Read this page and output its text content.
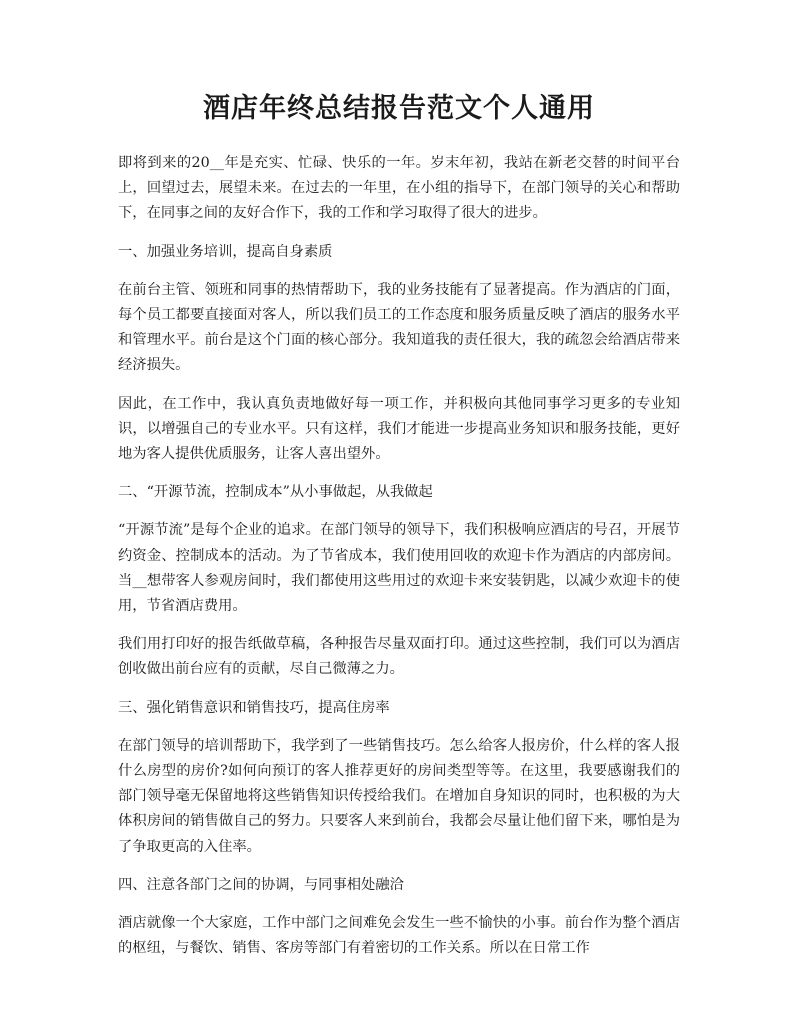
酒店年终总结报告范文个人通用

即将到来的20__年是充实、忙碌、快乐的一年。岁末年初，我站在新老交替的时间平台上，回望过去，展望未来。在过去的一年里，在小组的指导下，在部门领导的关心和帮助下，在同事之间的友好合作下，我的工作和学习取得了很大的进步。

一、加强业务培训，提高自身素质

在前台主管、领班和同事的热情帮助下，我的业务技能有了显著提高。作为酒店的门面，每个员工都要直接面对客人，所以我们员工的工作态度和服务质量反映了酒店的服务水平和管理水平。前台是这个门面的核心部分。我知道我的责任很大，我的疏忽会给酒店带来经济损失。

因此，在工作中，我认真负责地做好每一项工作，并积极向其他同事学习更多的专业知识，以增强自己的专业水平。只有这样，我们才能进一步提高业务知识和服务技能，更好地为客人提供优质服务，让客人喜出望外。

二、“开源节流，控制成本”从小事做起，从我做起

“开源节流”是每个企业的追求。在部门领导的领导下，我们积极响应酒店的号召，开展节约资金、控制成本的活动。为了节省成本，我们使用回收的欢迎卡作为酒店的内部房间。当__想带客人参观房间时，我们都使用这些用过的欢迎卡来安装钥匙，以减少欢迎卡的使用，节省酒店费用。

我们用打印好的报告纸做草稿，各种报告尽量双面打印。通过这些控制，我们可以为酒店创收做出前台应有的贡献，尽自己微薄之力。

三、强化销售意识和销售技巧，提高住房率

在部门领导的培训帮助下，我学到了一些销售技巧。怎么给客人报房价，什么样的客人报什么房型的房价?如何向预订的客人推荐更好的房间类型等等。在这里，我要感谢我们的部门领导毫无保留地将这些销售知识传授给我们。在增加自身知识的同时，也积极的为大体积房间的销售做自己的努力。只要客人来到前台，我都会尽量让他们留下来，哪怕是为了争取更高的入住率。

四、注意各部门之间的协调，与同事相处融洽

酒店就像一个大家庭，工作中部门之间难免会发生一些不愉快的小事。前台作为整个酒店的枢纽，与餐饮、销售、客房等部门有着密切的工作关系。所以在日常工作
